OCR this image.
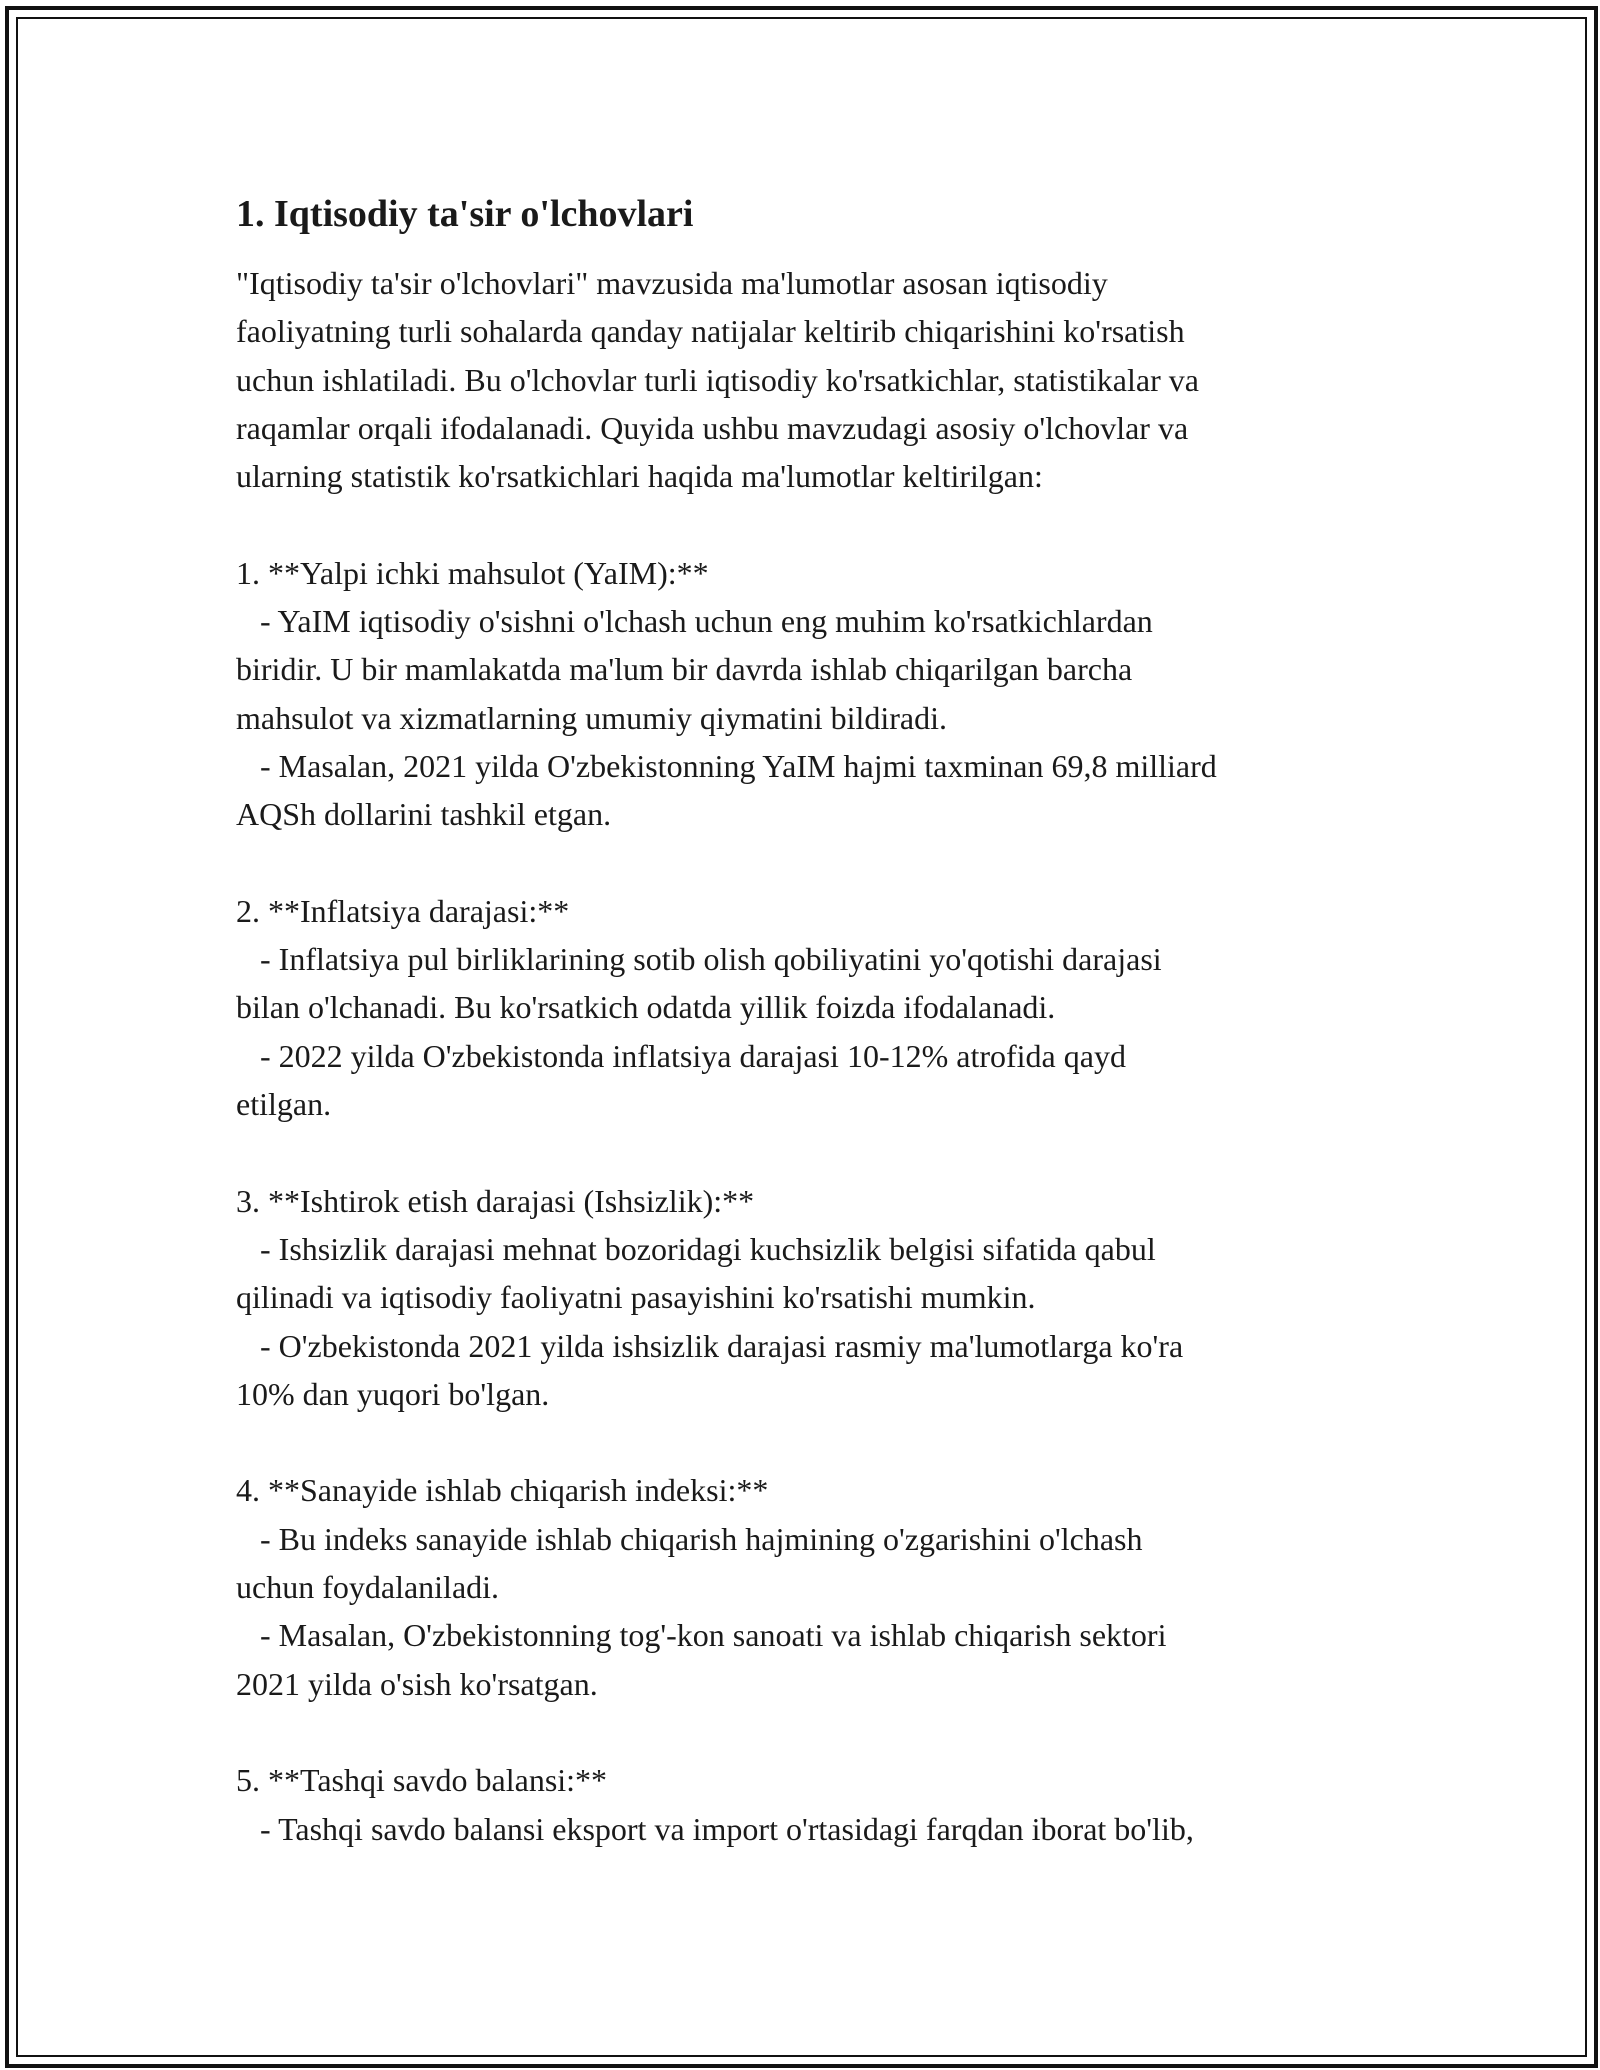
1. Iqtisodiy ta'sir o'lchovlari
"Iqtisodiy ta'sir o'lchovlari" mavzusida ma'lumotlar asosan iqtisodiy
faoliyatning turli sohalarda qanday natijalar keltirib chiqarishini ko'rsatish
uchun ishlatiladi. Bu o'lchovlar turli iqtisodiy ko'rsatkichlar, statistikalar va
raqamlar orqali ifodalanadi. Quyida ushbu mavzudagi asosiy o'lchovlar va
ularning statistik ko'rsatkichlari haqida ma'lumotlar keltirilgan:
1. **Yalpi ichki mahsulot (YaIM):**
- YaIM iqtisodiy o'sishni o'lchash uchun eng muhim ko'rsatkichlardan
biridir. U bir mamlakatda ma'lum bir davrda ishlab chiqarilgan barcha
mahsulot va xizmatlarning umumiy qiymatini bildiradi.
- Masalan, 2021 yilda O'zbekistonning YaIM hajmi taxminan 69,8 milliard
AQSh dollarini tashkil etgan.
2. **Inflatsiya darajasi:**
- Inflatsiya pul birliklarining sotib olish qobiliyatini yo'qotishi darajasi
bilan o'lchanadi. Bu ko'rsatkich odatda yillik foizda ifodalanadi.
- 2022 yilda O'zbekistonda inflatsiya darajasi 10-12% atrofida qayd
etilgan.
3. **Ishtirok etish darajasi (Ishsizlik):**
- Ishsizlik darajasi mehnat bozoridagi kuchsizlik belgisi sifatida qabul
qilinadi va iqtisodiy faoliyatni pasayishini ko'rsatishi mumkin.
- O'zbekistonda 2021 yilda ishsizlik darajasi rasmiy ma'lumotlarga ko'ra
10% dan yuqori bo'lgan.
4. **Sanayide ishlab chiqarish indeksi:**
- Bu indeks sanayide ishlab chiqarish hajmining o'zgarishini o'lchash
uchun foydalaniladi.
- Masalan, O'zbekistonning tog'-kon sanoati va ishlab chiqarish sektori
2021 yilda o'sish ko'rsatgan.
5. **Tashqi savdo balansi:**
- Tashqi savdo balansi eksport va import o'rtasidagi farqdan iborat bo'lib,
